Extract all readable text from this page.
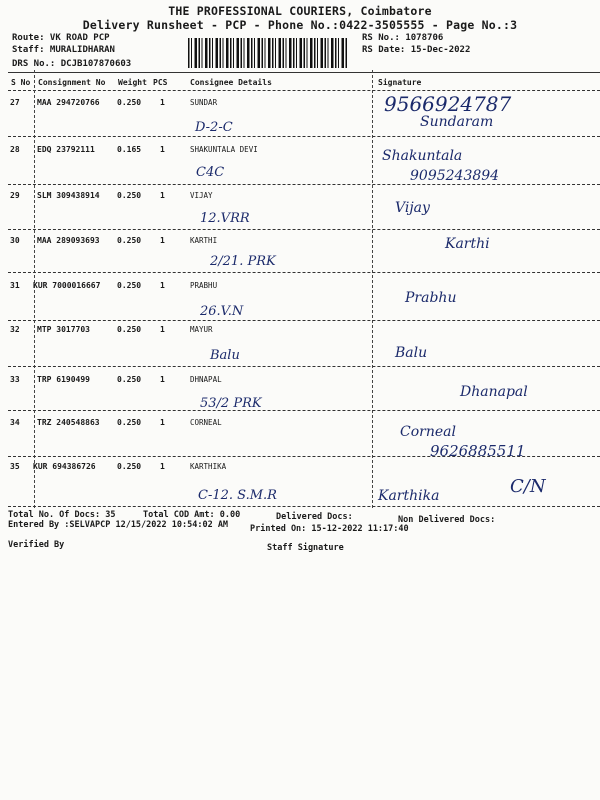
THE PROFESSIONAL COURIERS, Coimbatore
Delivery Runsheet - PCP - Phone No.:0422-3505555 - Page No.:3
Route: VK ROAD PCP
Staff: MURALIDHARAN
DRS No.: DCJB107870603
RS No.: 1078706
RS Date: 15-Dec-2022
S No Consignment No Weight PCS	Consignee Details	Signature
27 MAA 294720766 0.250 1	SUNDAR
D-2-C
9566924787
Sundaram
28 EDQ 23792111	0.165 1	SHAKUNTALA DEVI
C4C
Shakuntala
9095243894
29 SLM 309438914 0.250 1	VIJAY
12.VRR
Vijay
30 MAA 289093693 0.250 1	KARTHI
2/21. PRK
Karthi
31 KUR 7000016667 0.250 1	PRABHU
26.V.N
Prabhu
32 MTP 3017703	0.250 1	MAYUR
Balu	Balu
33 TRP 6190499	0.250 1	DHNAPAL
53/2 PRK
Dhanapal
34 TRZ 240548863 0.250 1	CORNEAL
Corneal
9626885511
35 KUR 694386726	0.250 1	KARTHIKA
C-12. S.M.R	Karthika	C/N
Total No. Of Docs: 35	Total COD Amt: 0.00	Delivered Docs:	Non Delivered Docs:
Entered By :SELVAPCP 12/15/2022 10:54:02 AM	Printed On: 15-12-2022 11:17:40
Verified By	Staff Signature
